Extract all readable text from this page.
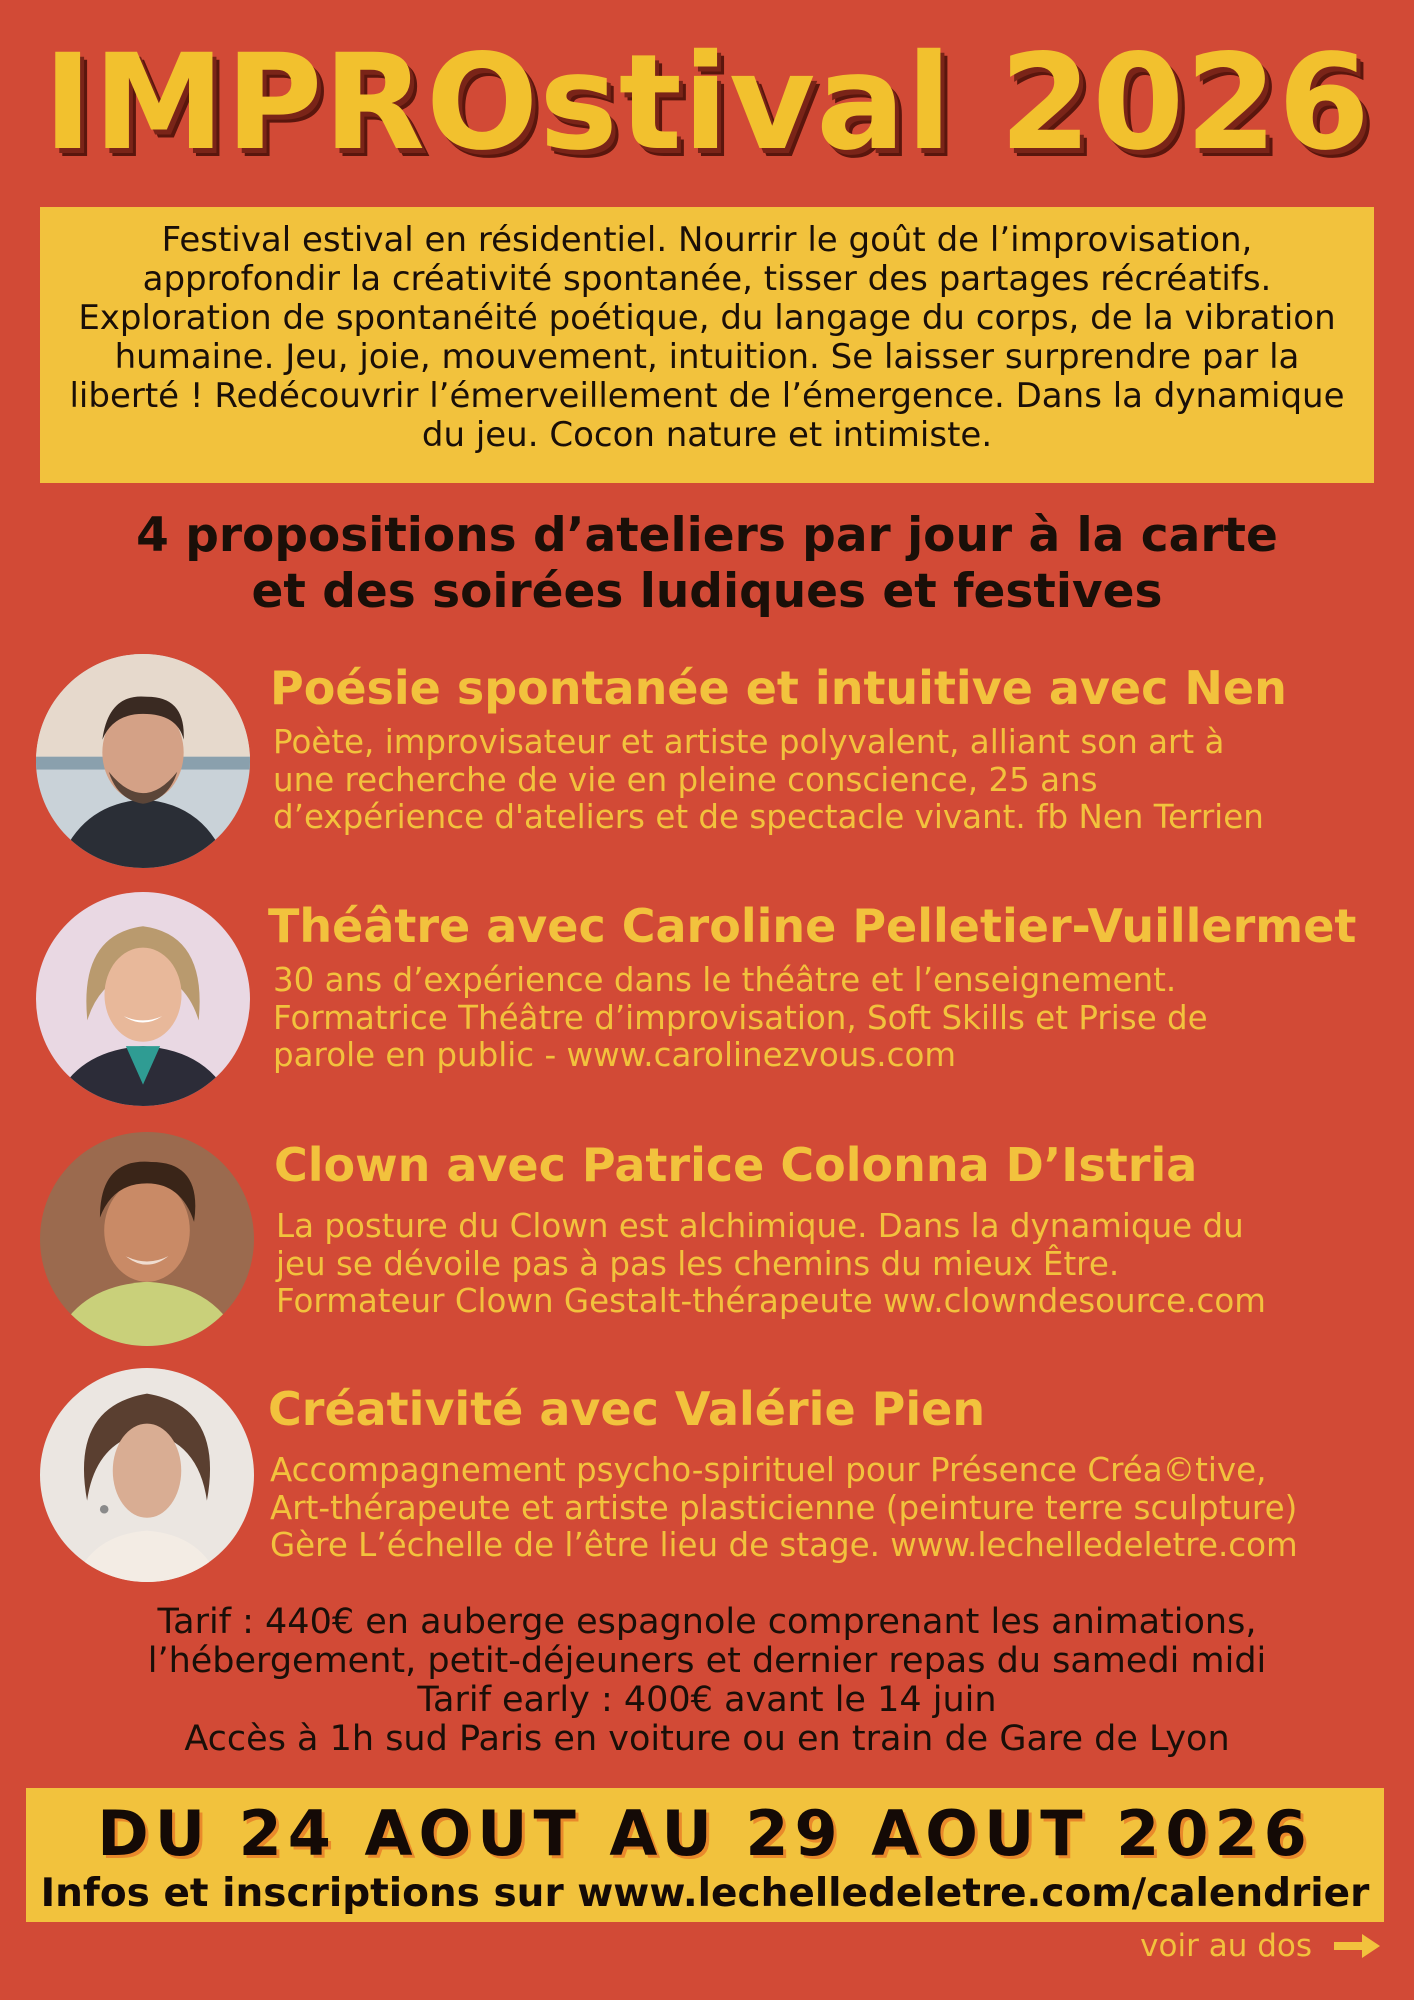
IMPROstival 2026

Festival estival en résidentiel. Nourrir le goût de l’improvisation, approfondir la créativité spontanée, tisser des partages récréatifs. Exploration de spontanéité poétique, du langage du corps, de la vibration humaine. Jeu, joie, mouvement, intuition. Se laisser surprendre par la liberté ! Redécouvrir l’émerveillement de l’émergence. Dans la dynamique du jeu. Cocon nature et intimiste.

4 propositions d’ateliers par jour à la carte
et des soirées ludiques et festives

Poésie spontanée et intuitive avec Nen

Poète, improvisateur et artiste polyvalent, alliant son art à
une recherche de vie en pleine conscience, 25 ans
d’expérience d'ateliers et de spectacle vivant. fb Nen Terrien

Théâtre avec Caroline Pelletier-Vuillermet

30 ans d’expérience dans le théâtre et l’enseignement.
Formatrice Théâtre d’improvisation, Soft Skills et Prise de
parole en public - www.carolinezvous.com

Clown avec Patrice Colonna D’Istria

La posture du Clown est alchimique. Dans la dynamique du
jeu se dévoile pas à pas les chemins du mieux Être.
Formateur Clown Gestalt-thérapeute ww.clowndesource.com

Créativité avec Valérie Pien

Accompagnement psycho-spirituel pour Présence Créa©tive,
Art-thérapeute et artiste plasticienne (peinture terre sculpture)
Gère L’échelle de l’être lieu de stage. www.lechelledeletre.com

Tarif : 440€ en auberge espagnole comprenant les animations,
l’hébergement, petit-déjeuners et dernier repas du samedi midi
Tarif early : 400€ avant le 14 juin
Accès à 1h sud Paris en voiture ou en train de Gare de Lyon

DU 24 AOUT AU 29 AOUT 2026

Infos et inscriptions sur www.lechelledeletre.com/calendrier

voir au dos
